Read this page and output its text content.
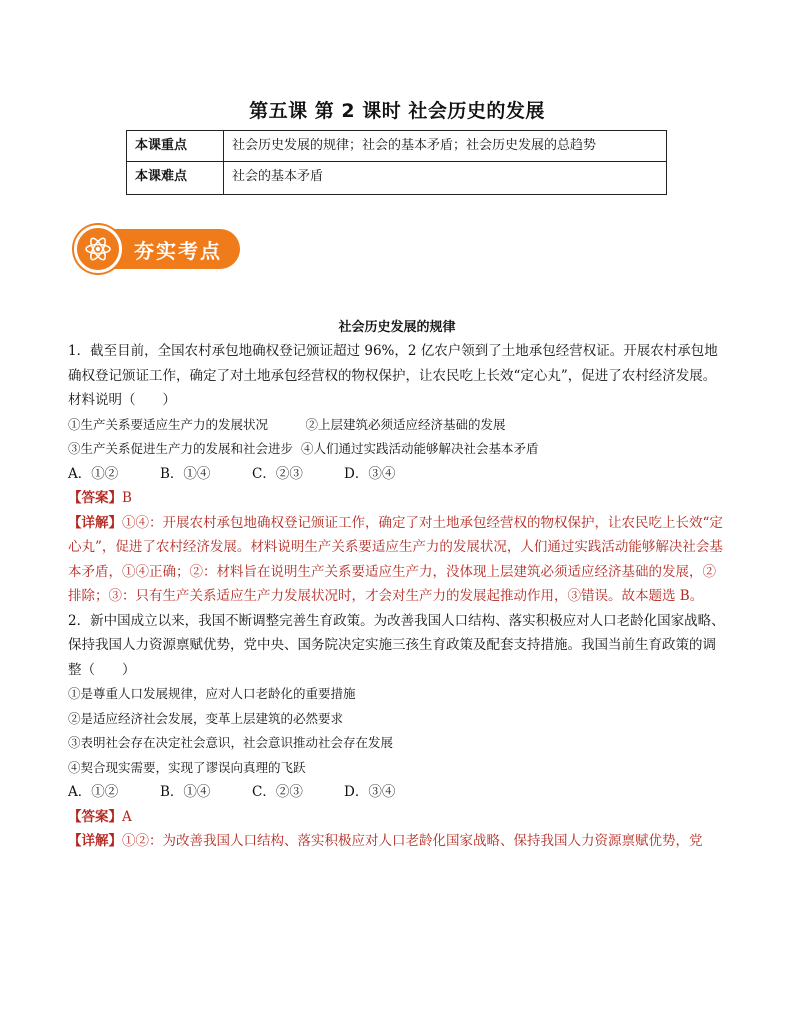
第五课 第 2 课时 社会历史的发展
本课重点	社会历史发展的规律；社会的基本矛盾；社会历史发展的总趋势
本课难点	社会的基本矛盾
夯实考点
社会历史发展的规律

1．截至目前，全国农村承包地确权登记颁证超过 96%，2 亿农户领到了土地承包经营权证。开展农村承包地确权登记颁证工作，确定了对土地承包经营权的物权保护，让农民吃上长效“定心丸”，促进了农村经济发展。材料说明（　　）

①生产关系要适应生产力的发展状况　　　②上层建筑必须适应经济基础的发展

③生产关系促进生产力的发展和社会进步  ④人们通过实践活动能够解决社会基本矛盾

A．①②	B．①④	C．②③	D．③④

【答案】B

【详解】①④：开展农村承包地确权登记颁证工作，确定了对土地承包经营权的物权保护，让农民吃上长效“定心丸”，促进了农村经济发展。材料说明生产关系要适应生产力的发展状况，人们通过实践活动能够解决社会基本矛盾，①④正确；②：材料旨在说明生产关系要适应生产力，没体现上层建筑必须适应经济基础的发展，②排除；③：只有生产关系适应生产力发展状况时，才会对生产力的发展起推动作用，③错误。故本题选 B。

2．新中国成立以来，我国不断调整完善生育政策。为改善我国人口结构、落实积极应对人口老龄化国家战略、保持我国人力资源禀赋优势，党中央、国务院决定实施三孩生育政策及配套支持措施。我国当前生育政策的调整（　　）

①是尊重人口发展规律，应对人口老龄化的重要措施

②是适应经济社会发展，变革上层建筑的必然要求

③表明社会存在决定社会意识，社会意识推动社会存在发展

④契合现实需要，实现了谬误向真理的飞跃

A．①②	B．①④	C．②③	D．③④

【答案】A

【详解】①②：为改善我国人口结构、落实积极应对人口老龄化国家战略、保持我国人力资源禀赋优势，党
